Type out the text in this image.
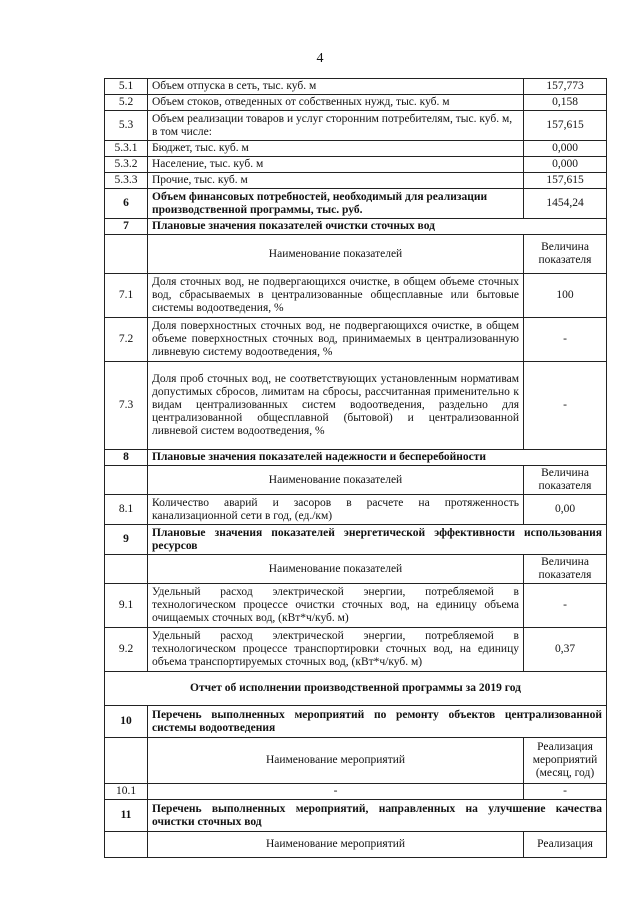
4
5.1	Объем отпуска в сеть, тыс. куб. м	157,773
5.2	Объем стоков, отведенных от собственных нужд, тыс. куб. м	0,158
5.3	Объем реализации товаров и услуг сторонним потребителям, тыс. куб. м, в том числе:	157,615
5.3.1	Бюджет, тыс. куб. м	0,000
5.3.2	Население, тыс. куб. м	0,000
5.3.3	Прочие, тыс. куб. м	157,615
6	Объем финансовых потребностей, необходимый для реализации производственной программы, тыс. руб.	1454,24
7	Плановые значения показателей очистки сточных вод	
	Наименование показателей	Величина показателя
7.1	Доля сточных вод, не подвергающихся очистке, в общем объеме сточных вод, сбрасываемых в централизованные общесплавные или бытовые системы водоотведения, %	100
7.2	Доля поверхностных сточных вод, не подвергающихся очистке, в общем объеме поверхностных сточных вод, принимаемых в централизованную ливневую систему водоотведения, %	-
7.3	Доля проб сточных вод, не соответствующих установленным нормативам допустимых сбросов, лимитам на сбросы, рассчитанная применительно к видам централизованных систем водоотведения, раздельно для централизованной общесплавной (бытовой) и централизованной ливневой систем водоотведения, %	-
8	Плановые значения показателей надежности и бесперебойности	
	Наименование показателей	Величина показателя
8.1	Количество аварий и засоров в расчете на протяженность канализационной сети в год, (ед./км)	0,00
9	Плановые значения показателей энергетической эффективности использования ресурсов	
	Наименование показателей	Величина показателя
9.1	Удельный расход электрической энергии, потребляемой в технологическом процессе очистки сточных вод, на единицу объема очищаемых сточных вод, (кВт*ч/куб. м)	-
9.2	Удельный расход электрической энергии, потребляемой в технологическом процессе транспортировки сточных вод, на единицу объема транспортируемых сточных вод, (кВт*ч/куб. м)	0,37
Отчет об исполнении производственной программы за 2019 год		
10	Перечень выполненных мероприятий по ремонту объектов централизованной системы водоотведения	
	Наименование мероприятий	Реализация мероприятий (месяц, год)
10.1	-	-
11	Перечень выполненных мероприятий, направленных на улучшение качества очистки сточных вод	
	Наименование мероприятий	Реализация
